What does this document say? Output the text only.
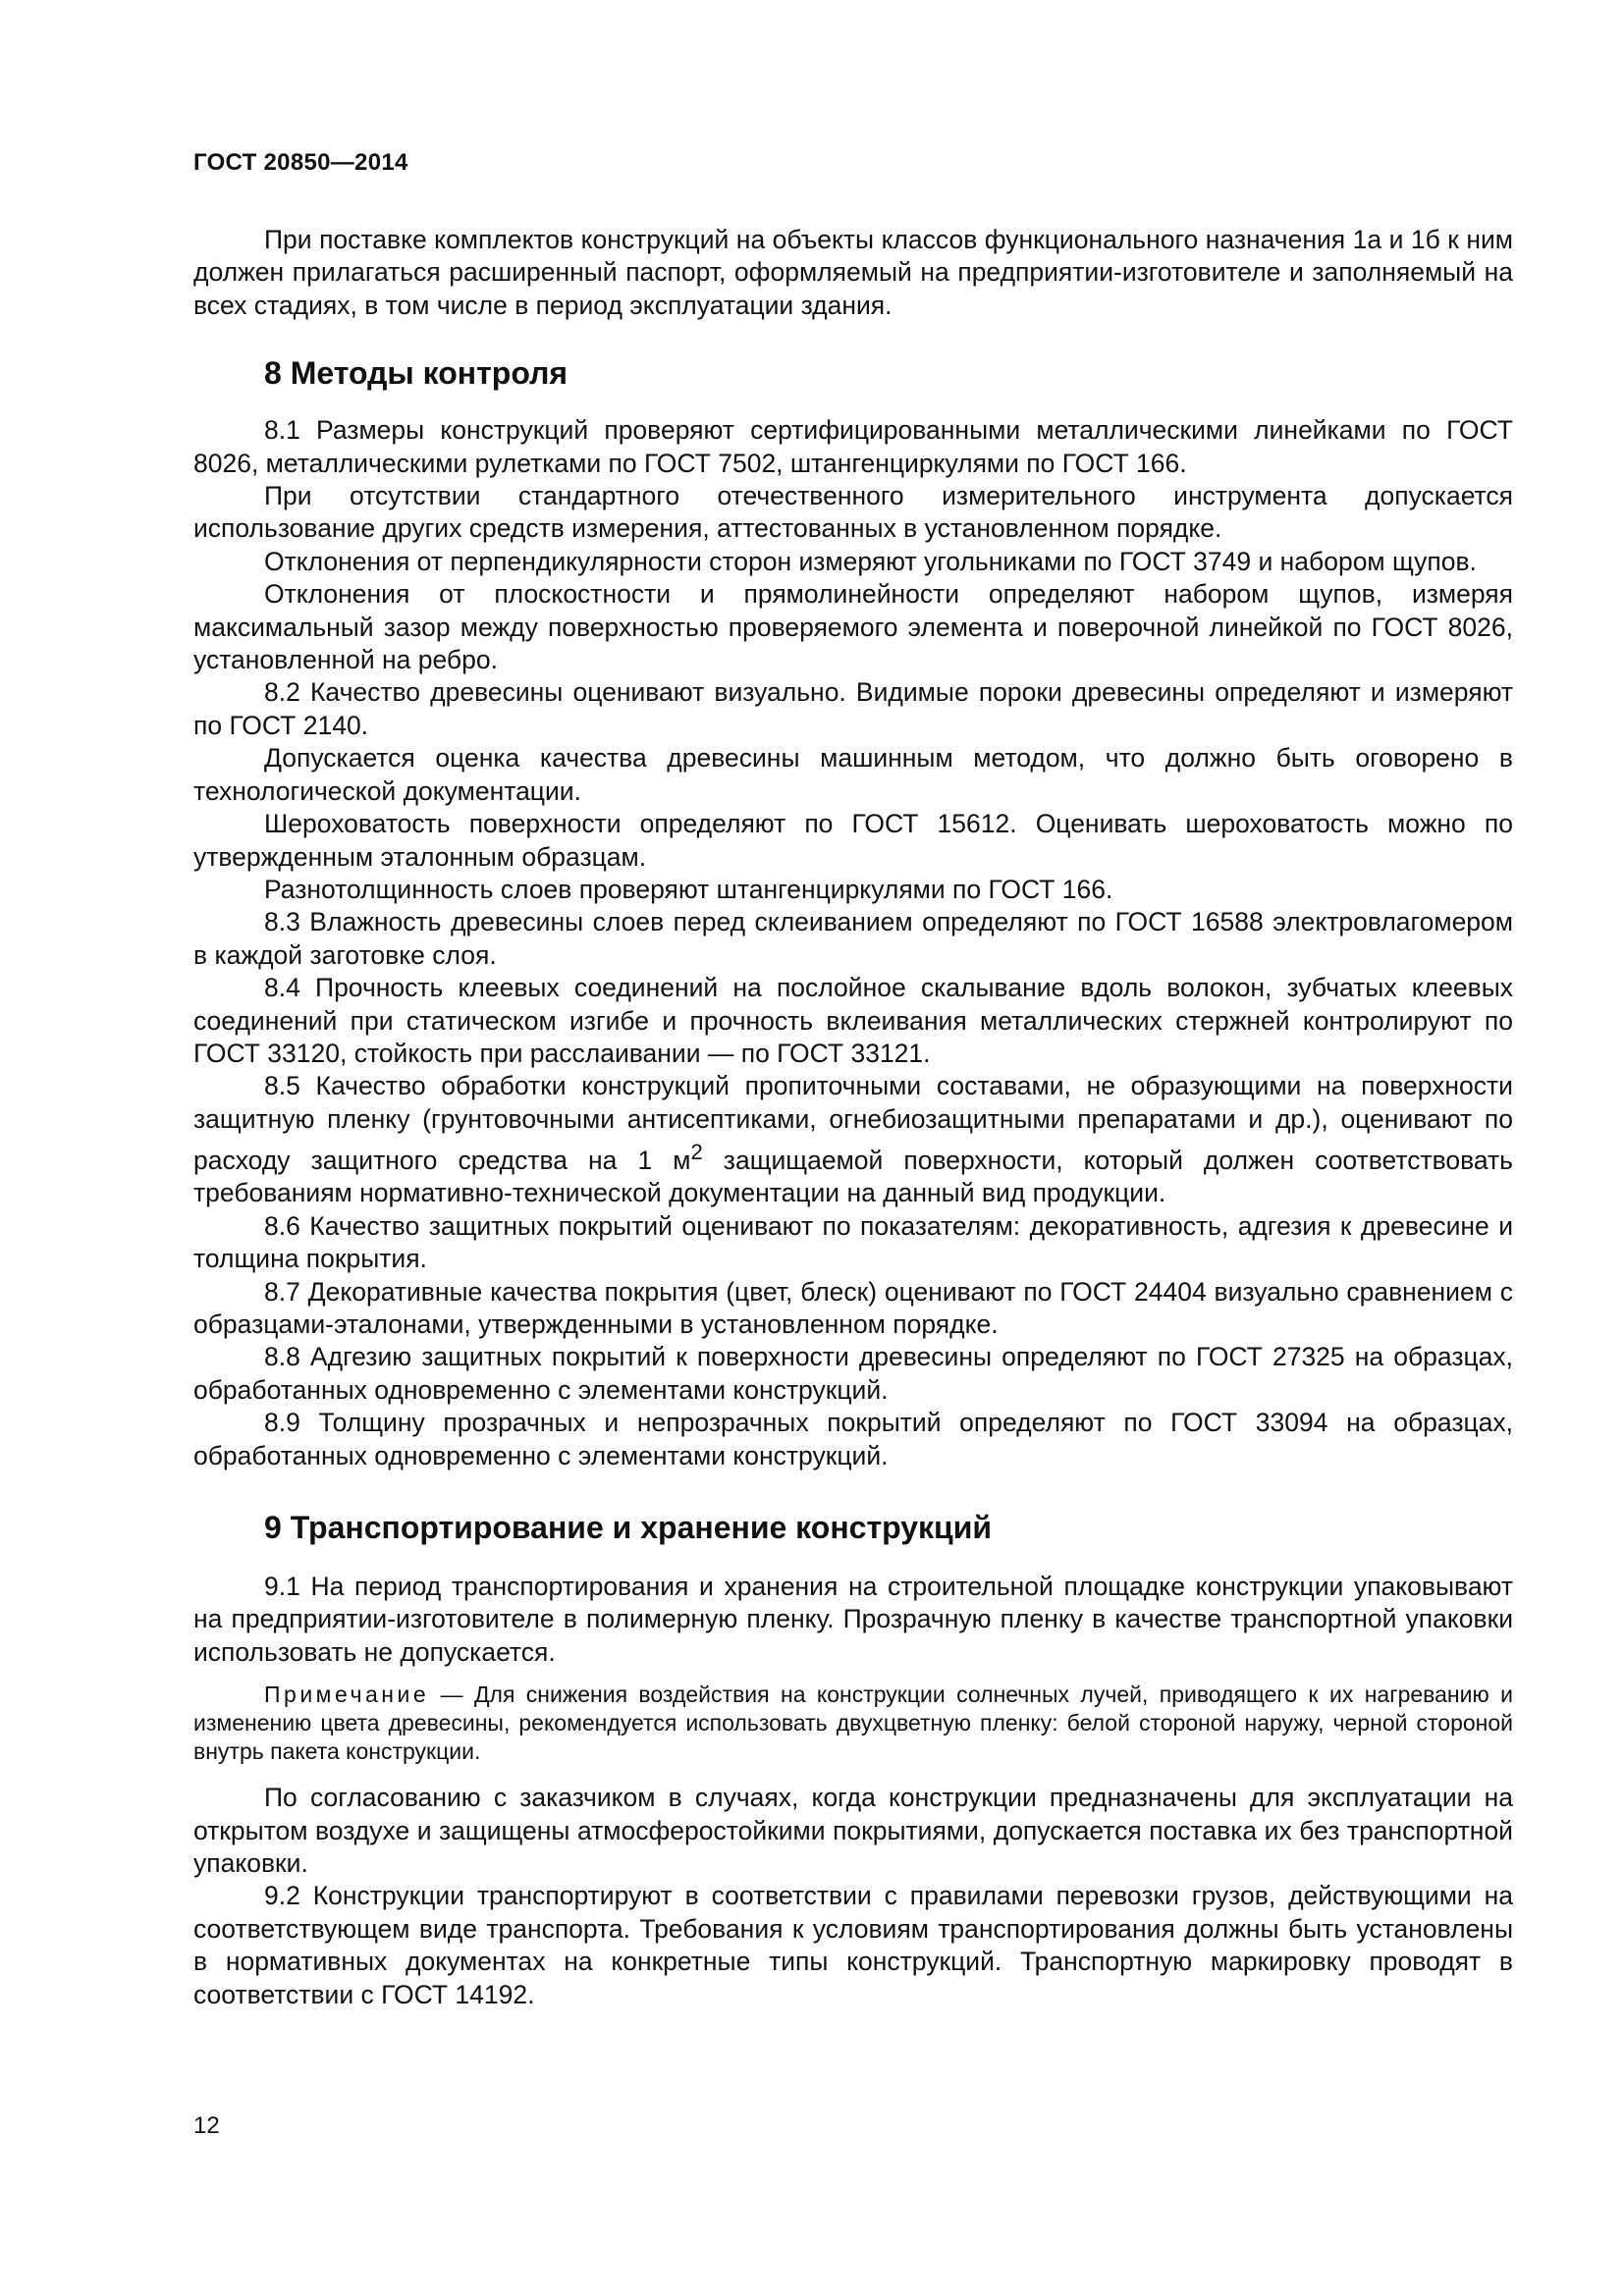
ГОСТ 20850—2014

При поставке комплектов конструкций на объекты классов функционального назначения 1а и 1б к ним должен прилагаться расширенный паспорт, оформляемый на предприятии-изготовителе и заполняемый на всех стадиях, в том числе в период эксплуатации здания.

8 Методы контроля

8.1 Размеры конструкций проверяют сертифицированными металлическими линейками по ГОСТ 8026, металлическими рулетками по ГОСТ 7502, штангенциркулями по ГОСТ 166.

При отсутствии стандартного отечественного измерительного инструмента допускается использование других средств измерения, аттестованных в установленном порядке.

Отклонения от перпендикулярности сторон измеряют угольниками по ГОСТ 3749 и набором щупов.

Отклонения от плоскостности и прямолинейности определяют набором щупов, измеряя максимальный зазор между поверхностью проверяемого элемента и поверочной линейкой по ГОСТ 8026, установленной на ребро.

8.2 Качество древесины оценивают визуально. Видимые пороки древесины определяют и измеряют по ГОСТ 2140.

Допускается оценка качества древесины машинным методом, что должно быть оговорено в технологической документации.

Шероховатость поверхности определяют по ГОСТ 15612. Оценивать шероховатость можно по утвержденным эталонным образцам.

Разнотолщинность слоев проверяют штангенциркулями по ГОСТ 166.

8.3 Влажность древесины слоев перед склеиванием определяют по ГОСТ 16588 электровлагомером в каждой заготовке слоя.

8.4 Прочность клеевых соединений на послойное скалывание вдоль волокон, зубчатых клеевых соединений при статическом изгибе и прочность вклеивания металлических стержней контролируют по ГОСТ 33120, стойкость при расслаивании — по ГОСТ 33121.

8.5 Качество обработки конструкций пропиточными составами, не образующими на поверхности защитную пленку (грунтовочными антисептиками, огнебиозащитными препаратами и др.), оценивают по расходу защитного средства на 1 $м^2$ защищаемой поверхности, который должен соответствовать требованиям нормативно-технической документации на данный вид продукции.

8.6 Качество защитных покрытий оценивают по показателям: декоративность, адгезия к древесине и толщина покрытия.

8.7 Декоративные качества покрытия (цвет, блеск) оценивают по ГОСТ 24404 визуально сравнением с образцами-эталонами, утвержденными в установленном порядке.

8.8 Адгезию защитных покрытий к поверхности древесины определяют по ГОСТ 27325 на образцах, обработанных одновременно с элементами конструкций.

8.9 Толщину прозрачных и непрозрачных покрытий определяют по ГОСТ 33094 на образцах, обработанных одновременно с элементами конструкций.

9 Транспортирование и хранение конструкций

9.1 На период транспортирования и хранения на строительной площадке конструкции упаковывают на предприятии-изготовителе в полимерную пленку. Прозрачную пленку в качестве транспортной упаковки использовать не допускается.

Примечание — Для снижения воздействия на конструкции солнечных лучей, приводящего к их нагреванию и изменению цвета древесины, рекомендуется использовать двухцветную пленку: белой стороной наружу, черной стороной внутрь пакета конструкции.

По согласованию с заказчиком в случаях, когда конструкции предназначены для эксплуатации на открытом воздухе и защищены атмосферостойкими покрытиями, допускается поставка их без транспортной упаковки.

9.2 Конструкции транспортируют в соответствии с правилами перевозки грузов, действующими на соответствующем виде транспорта. Требования к условиям транспортирования должны быть установлены в нормативных документах на конкретные типы конструкций. Транспортную маркировку проводят в соответствии с ГОСТ 14192.

12
